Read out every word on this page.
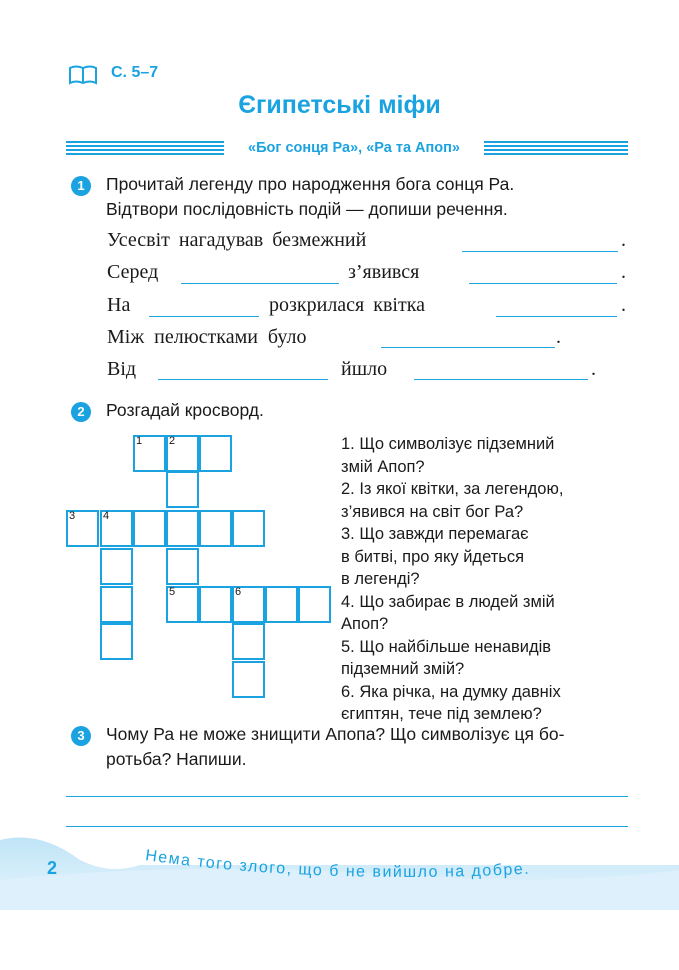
С. 5–7
Єгипетські міфи
«Бог сонця Ра», «Ра та Апоп»
1	Прочитай легенду про народження бога сонця Ра.
Відтвори послідовність подій — допиши речення.
Усесвіт нагадував безмежний	.
Серед	з’явився	.
На	розкрилася квітка	.
Між пелюстками було	.
Від	йшло	.
2	Розгадай кросворд.
1 2
3	4
5	6
1. Що символізує підземний
змій Апоп?
2. Із якої квітки, за легендою,
з’явився на світ бог Ра?
3. Що завжди перемагає
в битві, про яку йдеться
в легенді?
4. Що забирає в людей змій
Апоп?
5. Що найбільше ненавидів
підземний змій?
6. Яка річка, на думку давніх
єгиптян, тече під землею?
3	Чому Ра не може знищити Апопа? Що символізує ця бо-
ротьба? Напиши.
2
Нема того злого, що б не вийшло на добре.
